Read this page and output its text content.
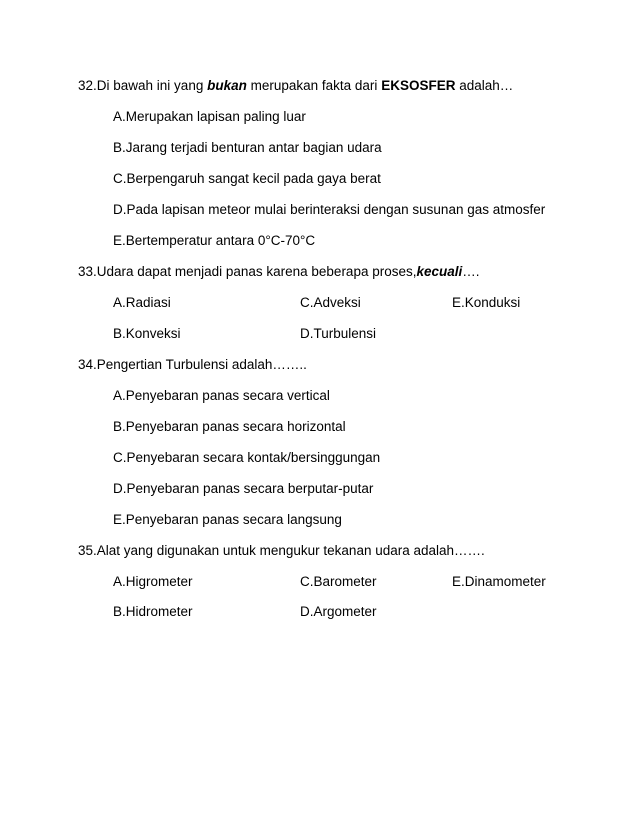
32.Di bawah ini yang bukan merupakan fakta dari EKSOSFER adalah…
A.Merupakan lapisan paling luar
B.Jarang terjadi benturan antar bagian udara
C.Berpengaruh sangat kecil pada gaya berat
D.Pada lapisan meteor mulai berinteraksi dengan susunan gas atmosfer
E.Bertemperatur antara 0°C-70°C
33.Udara dapat menjadi panas karena beberapa proses,kecuali….
A.Radiasi	C.Adveksi	E.Konduksi
B.Konveksi	D.Turbulensi
34.Pengertian Turbulensi adalah……..
A.Penyebaran panas secara vertical
B.Penyebaran panas secara horizontal
C.Penyebaran secara kontak/bersinggungan
D.Penyebaran panas secara berputar-putar
E.Penyebaran panas secara langsung
35.Alat yang digunakan untuk mengukur tekanan udara adalah…….
A.Higrometer	C.Barometer	E.Dinamometer
B.Hidrometer	D.Argometer
